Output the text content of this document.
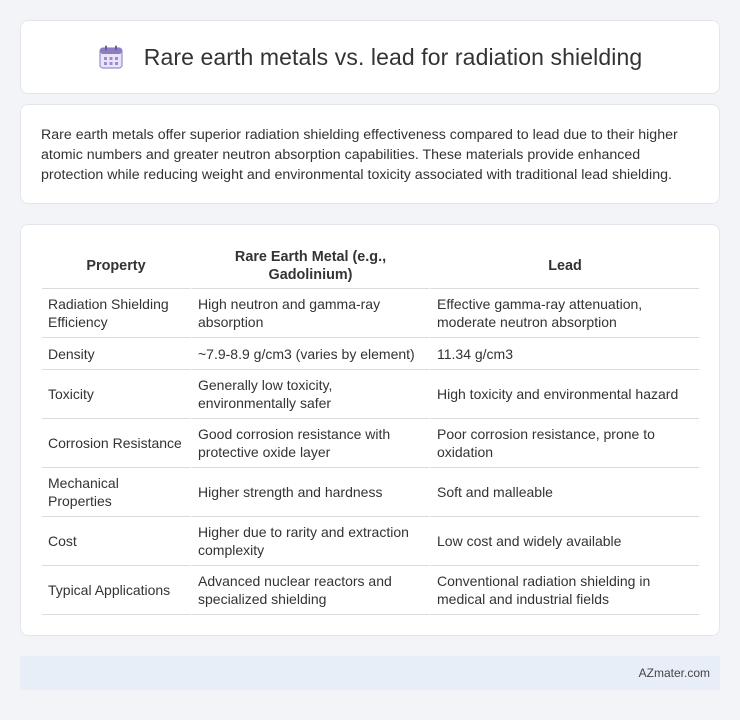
Rare earth metals vs. lead for radiation shielding

Rare earth metals offer superior radiation shielding effectiveness compared to lead due to their higher atomic numbers and greater neutron absorption capabilities. These materials provide enhanced protection while reducing weight and environmental toxicity associated with traditional lead shielding.

Property	Rare Earth Metal (e.g., Gadolinium)	Lead
Radiation Shielding Efficiency	High neutron and gamma-ray absorption	Effective gamma-ray attenuation, moderate neutron absorption
Density	~7.9-8.9 g/cm3 (varies by element)	11.34 g/cm3
Toxicity	Generally low toxicity, environmentally safer	High toxicity and environmental hazard
Corrosion Resistance	Good corrosion resistance with protective oxide layer	Poor corrosion resistance, prone to oxidation
Mechanical Properties	Higher strength and hardness	Soft and malleable
Cost	Higher due to rarity and extraction complexity	Low cost and widely available
Typical Applications	Advanced nuclear reactors and specialized shielding	Conventional radiation shielding in medical and industrial fields
AZmater.com
